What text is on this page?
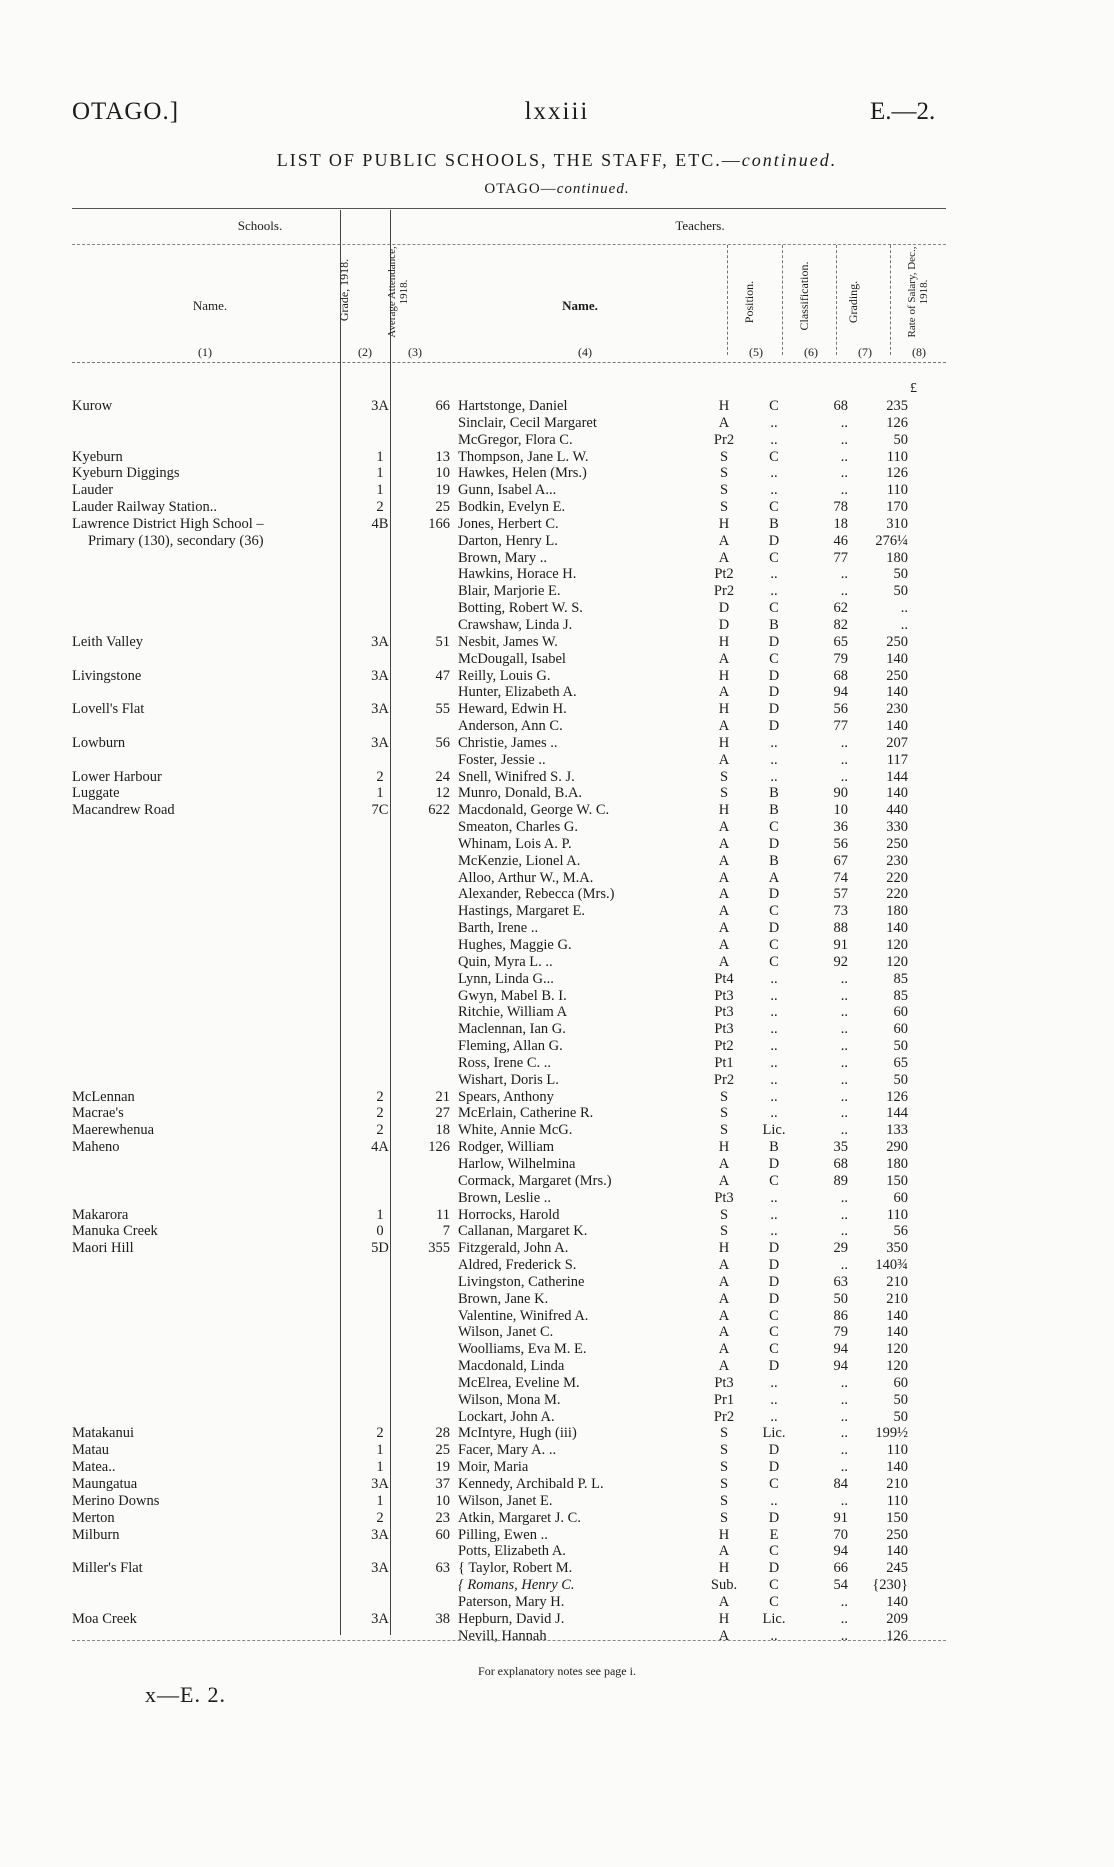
OTAGO.]	lxxiii	E.—2.
LIST OF PUBLIC SCHOOLS, THE STAFF, ETC.—continued.
OTAGO—continued.
Schools.	Teachers.
Name.	Grade, 1918.	Average Attendance, 1918.
Name.	Position.	Classification.	Grading.	Rate of Salary, Dec., 1918.
(1)	(2)	(3)	(4)	(5)	(6)	(7)	(8)
£
Kurow	3A	66 Hartstonge, Daniel	H	C	68	235
Sinclair, Cecil Margaret	A	..	..	126
McGregor, Flora C.	Pr2	..	..	50
Kyeburn	1	13 Thompson, Jane L. W.	S	C	..	110
Kyeburn Diggings	1	10 Hawkes, Helen (Mrs.)	S	..	..	126
Lauder	1	19 Gunn, Isabel A...	S	..	..	110
Lauder Railway Station..	2	25 Bodkin, Evelyn E.	S	C	78	170
Lawrence District High School –	4B	166 Jones, Herbert C.	H	B	18	310
Primary (130), secondary (36)	Darton, Henry L.	A	D	46	276¼
Brown, Mary ..	A	C	77	180
Hawkins, Horace H.	Pt2	..	..	50
Blair, Marjorie E.	Pr2	..	..	50
Botting, Robert W. S.	D	C	62	..
Crawshaw, Linda J.	D	B	82	..
Leith Valley	3A	51 Nesbit, James W.	H	D	65	250
McDougall, Isabel	A	C	79	140
Livingstone	3A	47 Reilly, Louis G.	H	D	68	250
Hunter, Elizabeth A.	A	D	94	140
Lovell's Flat	3A	55 Heward, Edwin H.	H	D	56	230
Anderson, Ann C.	A	D	77	140
Lowburn	3A	56 Christie, James ..	H	..	..	207
Foster, Jessie ..	A	..	..	117
Lower Harbour	2	24 Snell, Winifred S. J.	S	..	..	144
Luggate	1	12 Munro, Donald, B.A.	S	B	90	140
Macandrew Road	7C	622 Macdonald, George W. C.	H	B	10	440
Smeaton, Charles G.	A	C	36	330
Whinam, Lois A. P.	A	D	56	250
McKenzie, Lionel A.	A	B	67	230
Alloo, Arthur W., M.A.	A	A	74	220
Alexander, Rebecca (Mrs.)	A	D	57	220
Hastings, Margaret E.	A	C	73	180
Barth, Irene ..	A	D	88	140
Hughes, Maggie G.	A	C	91	120
Quin, Myra L. ..	A	C	92	120
Lynn, Linda G...	Pt4	..	..	85
Gwyn, Mabel B. I.	Pt3	..	..	85
Ritchie, William A	Pt3	..	..	60
Maclennan, Ian G.	Pt3	..	..	60
Fleming, Allan G.	Pt2	..	..	50
Ross, Irene C. ..	Pt1	..	..	65
Wishart, Doris L.	Pr2	..	..	50
McLennan	2	21 Spears, Anthony	S	..	..	126
Macrae's	2	27 McErlain, Catherine R.	S	..	..	144
Maerewhenua	2	18 White, Annie McG.	S	Lic.	..	133
Maheno	4A	126 Rodger, William	H	B	35	290
Harlow, Wilhelmina	A	D	68	180
Cormack, Margaret (Mrs.)	A	C	89	150
Brown, Leslie ..	Pt3	..	..	60
Makarora	1	11 Horrocks, Harold	S	..	..	110
Manuka Creek	0	7 Callanan, Margaret K.	S	..	..	56
Maori Hill	5D	355 Fitzgerald, John A.	H	D	29	350
Aldred, Frederick S.	A	D	..	140¾
Livingston, Catherine	A	D	63	210
Brown, Jane K.	A	D	50	210
Valentine, Winifred A.	A	C	86	140
Wilson, Janet C.	A	C	79	140
Woolliams, Eva M. E.	A	C	94	120
Macdonald, Linda	A	D	94	120
McElrea, Eveline M.	Pt3	..	..	60
Wilson, Mona M.	Pr1	..	..	50
Lockart, John A.	Pr2	..	..	50
Matakanui	2	28 McIntyre, Hugh (iii)	S	Lic.	..	199½
Matau	1	25 Facer, Mary A. ..	S	D	..	110
Matea..	1	19 Moir, Maria	S	D	..	140
Maungatua	3A	37 Kennedy, Archibald P. L.	S	C	84	210
Merino Downs	1	10 Wilson, Janet E.	S	..	..	110
Merton	2	23 Atkin, Margaret J. C.	S	D	91	150
Milburn	3A	60 Pilling, Ewen ..	H	E	70	250
Potts, Elizabeth A.	A	C	94	140
Miller's Flat	3A	63 { Taylor, Robert M.	H	D	66	245
{ Romans, Henry C.	Sub.	C	54	{230}
Paterson, Mary H.	A	C	..	140
Moa Creek	3A	38 Hepburn, David J.	H	Lic.	..	209
Nevill, Hannah	A	..	..	126
For explanatory notes see page i.
x—E. 2.
